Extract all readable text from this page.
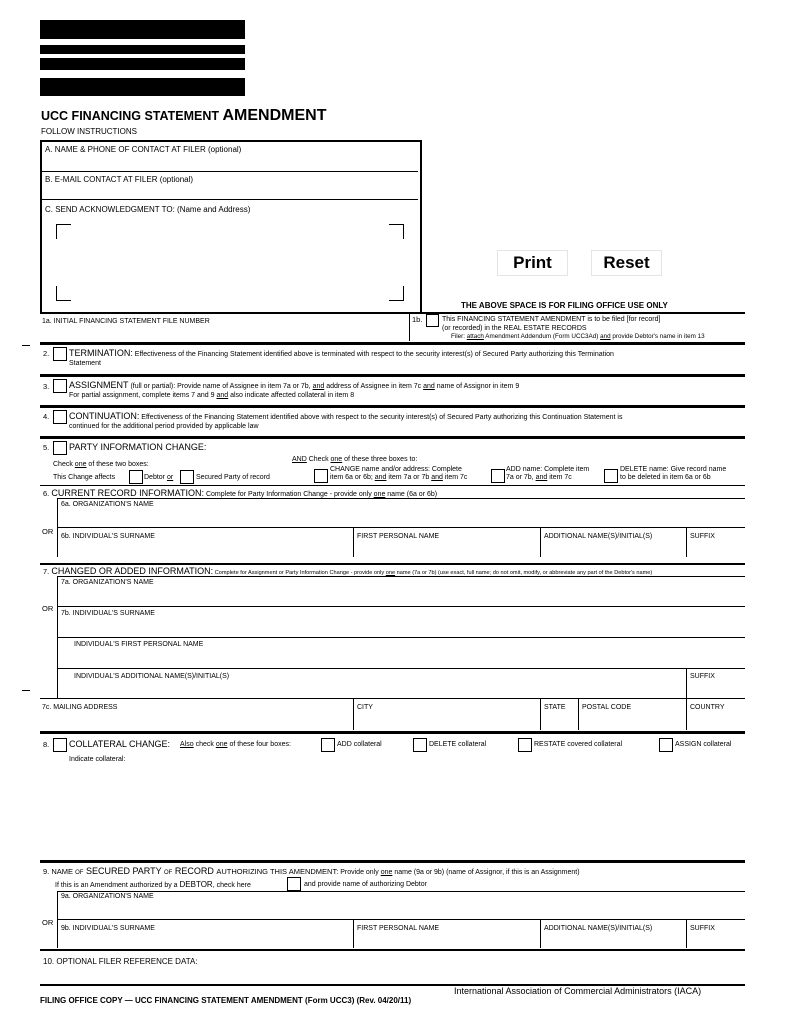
UCC FINANCING STATEMENT AMENDMENT
FOLLOW INSTRUCTIONS
A. NAME & PHONE OF CONTACT AT FILER (optional)
B. E-MAIL CONTACT AT FILER (optional)
C. SEND ACKNOWLEDGMENT TO: (Name and Address)
Print	Reset
THE ABOVE SPACE IS FOR FILING OFFICE USE ONLY
1a. INITIAL FINANCING STATEMENT FILE NUMBER	1b.	This FINANCING STATEMENT AMENDMENT is to be filed [for record]
(or recorded) in the REAL ESTATE RECORDS
Filer: attach Amendment Addendum (Form UCC3Ad) and provide Debtor's name in item 13
2. TERMINATION: Effectiveness of the Financing Statement identified above is terminated with respect to the security interest(s) of Secured Party authorizing this Termination
Statement
3. ASSIGNMENT (full or partial): Provide name of Assignee in item 7a or 7b, and address of Assignee in item 7c and name of Assignor in item 9
For partial assignment, complete items 7 and 9 and also indicate affected collateral in item 8
4. CONTINUATION: Effectiveness of the Financing Statement identified above with respect to the security interest(s) of Secured Party authorizing this Continuation Statement is
continued for the additional period provided by applicable law
5. PARTY INFORMATION CHANGE:
Check one of these two boxes:
This Change affects	Debtor or	Secured Party of record
AND Check one of these three boxes to:
CHANGE name and/or address: Complete
item 6a or 6b; and item 7a or 7b and item 7c
ADD name: Complete item
7a or 7b, and item 7c
DELETE name: Give record name
to be deleted in item 6a or 6b
6. CURRENT RECORD INFORMATION: Complete for Party Information Change - provide only one name (6a or 6b)
6a. ORGANIZATION'S NAME
OR
6b. INDIVIDUAL'S SURNAME	FIRST PERSONAL NAME	ADDITIONAL NAME(S)/INITIAL(S)	SUFFIX
7. CHANGED OR ADDED INFORMATION: Complete for Assignment or Party Information Change - provide only one name (7a or 7b) (use exact, full name; do not omit, modify, or abbreviate any part of the Debtor's name)
7a. ORGANIZATION'S NAME
OR
7b. INDIVIDUAL'S SURNAME
INDIVIDUAL'S FIRST PERSONAL NAME
INDIVIDUAL'S ADDITIONAL NAME(S)/INITIAL(S)	SUFFIX
7c. MAILING ADDRESS	CITY	STATE POSTAL CODE	COUNTRY
8. COLLATERAL CHANGE: Also check one of these four boxes:	ADD collateral	DELETE collateral	RESTATE covered collateral	ASSIGN collateral
Indicate collateral:
9. NAME OF SECURED PARTY OF RECORD AUTHORIZING THIS AMENDMENT: Provide only one name (9a or 9b) (name of Assignor, if this is an Assignment)
If this is an Amendment authorized by a DEBTOR, check here	and provide name of authorizing Debtor
9a. ORGANIZATION'S NAME
OR
9b. INDIVIDUAL'S SURNAME	FIRST PERSONAL NAME	ADDITIONAL NAME(S)/INITIAL(S)	SUFFIX
10. OPTIONAL FILER REFERENCE DATA:
International Association of Commercial Administrators (IACA)
FILING OFFICE COPY — UCC FINANCING STATEMENT AMENDMENT (Form UCC3) (Rev. 04/20/11)
